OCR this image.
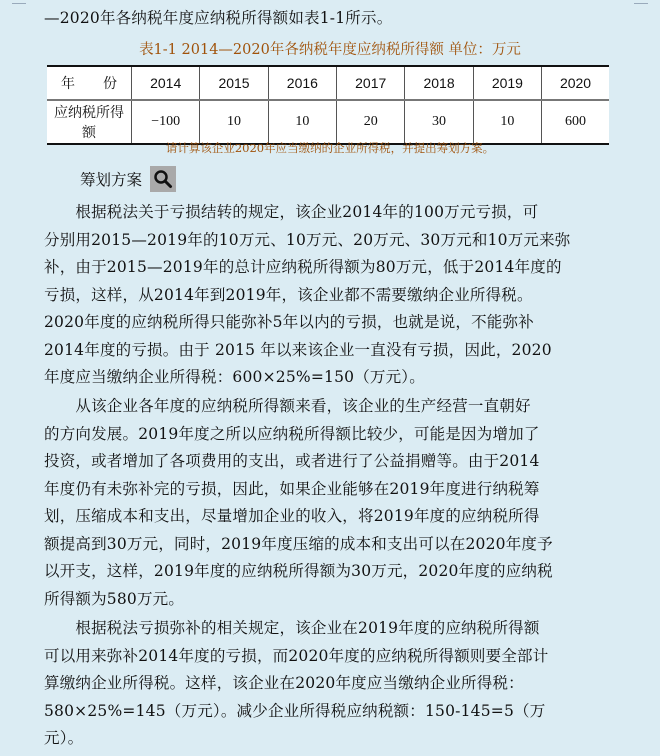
—2020年各纳税年度应纳税所得额如表1-1所示。
表1-1 2014—2020年各纳税年度应纳税所得额 单位：万元
年　　份	2014	2015	2016	2017	2018	2019	2020
应纳税所得额	−100	10	10	20	30	10	600
请计算该企业2020年应当缴纳的企业所得税，并提出筹划方案。
筹划方案
　　根据税法关于亏损结转的规定，该企业2014年的100万元亏损，可
分别用2015—2019年的10万元、10万元、20万元、30万元和10万元来弥
补，由于2015—2019年的总计应纳税所得额为80万元，低于2014年度的
亏损，这样，从2014年到2019年，该企业都不需要缴纳企业所得税。
2020年度的应纳税所得只能弥补5年以内的亏损，也就是说，不能弥补
2014年度的亏损。由于 2015 年以来该企业一直没有亏损，因此，2020
年度应当缴纳企业所得税：600×25%=150（万元）。
　　从该企业各年度的应纳税所得额来看，该企业的生产经营一直朝好
的方向发展。2019年度之所以应纳税所得额比较少，可能是因为增加了
投资，或者增加了各项费用的支出，或者进行了公益捐赠等。由于2014
年度仍有未弥补完的亏损，因此，如果企业能够在2019年度进行纳税筹
划，压缩成本和支出，尽量增加企业的收入，将2019年度的应纳税所得
额提高到30万元，同时，2019年度压缩的成本和支出可以在2020年度予
以开支，这样，2019年度的应纳税所得额为30万元，2020年度的应纳税
所得额为580万元。
　　根据税法亏损弥补的相关规定，该企业在2019年度的应纳税所得额
可以用来弥补2014年度的亏损，而2020年度的应纳税所得额则要全部计
算缴纳企业所得税。这样，该企业在2020年度应当缴纳企业所得税：
580×25%=145（万元）。减少企业所得税应纳税额：150-145=5（万
元）。
